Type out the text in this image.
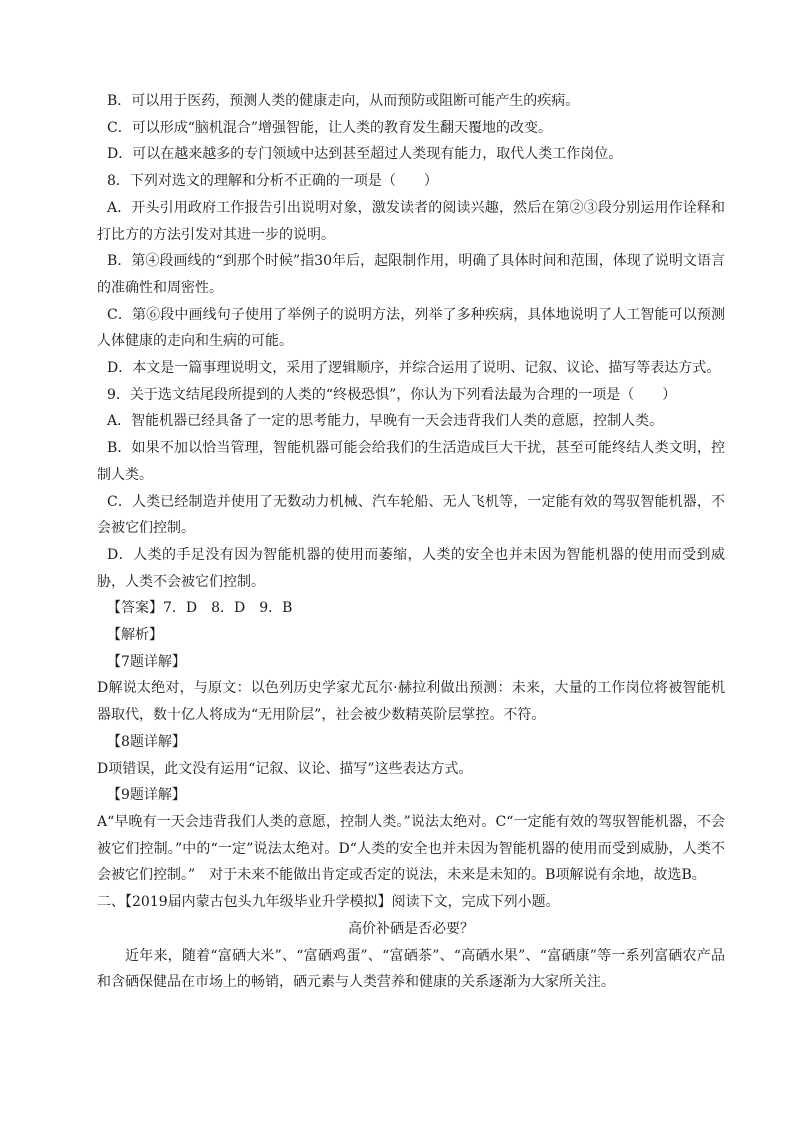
B．可以用于医药，预测人类的健康走向，从而预防或阻断可能产生的疾病。

C．可以形成“脑机混合”增强智能，让人类的教育发生翻天覆地的改变。

D．可以在越来越多的专门领域中达到甚至超过人类现有能力，取代人类工作岗位。

8．下列对选文的理解和分析不正确的一项是（　　）

A．开头引用政府工作报告引出说明对象，激发读者的阅读兴趣，然后在第②③段分别运用作诠释和打比方的方法引发对其进一步的说明。

B．第④段画线的“到那个时候”指30年后，起限制作用，明确了具体时间和范围，体现了说明文语言的准确性和周密性。

C．第⑥段中画线句子使用了举例子的说明方法，列举了多种疾病，具体地说明了人工智能可以预测人体健康的走向和生病的可能。

D．本文是一篇事理说明文，采用了逻辑顺序，并综合运用了说明、记叙、议论、描写等表达方式。

9．关于选文结尾段所提到的人类的“终极恐惧”，你认为下列看法最为合理的一项是（　　）

A．智能机器已经具备了一定的思考能力，早晚有一天会违背我们人类的意愿，控制人类。

B．如果不加以恰当管理，智能机器可能会给我们的生活造成巨大干扰，甚至可能终结人类文明，控制人类。

C．人类已经制造并使用了无数动力机械、汽车轮船、无人飞机等，一定能有效的驾驭智能机器，不会被它们控制。

D．人类的手足没有因为智能机器的使用而萎缩，人类的安全也并未因为智能机器的使用而受到威胁，人类不会被它们控制。

【答案】7．D　8．D　9．B

【解析】

【7题详解】

D解说太绝对，与原文：以色列历史学家尤瓦尔·赫拉利做出预测：未来，大量的工作岗位将被智能机器取代，数十亿人将成为“无用阶层”，社会被少数精英阶层掌控。不符。

【8题详解】

D项错误，此文没有运用“记叙、议论、描写”这些表达方式。

【9题详解】

A“早晚有一天会违背我们人类的意愿，控制人类。”说法太绝对。C“一定能有效的驾驭智能机器，不会被它们控制。”中的“一定”说法太绝对。D“人类的安全也并未因为智能机器的使用而受到威胁，人类不会被它们控制。”　对于未来不能做出肯定或否定的说法，未来是未知的。B项解说有余地，故选B。

二、【2019届内蒙古包头九年级毕业升学模拟】阅读下文，完成下列小题。

高价补硒是否必要？

近年来，随着“富硒大米”、“富硒鸡蛋”、“富硒茶”、“高硒水果”、“富硒康”等一系列富硒农产品和含硒保健品在市场上的畅销，硒元素与人类营养和健康的关系逐渐为大家所关注。
